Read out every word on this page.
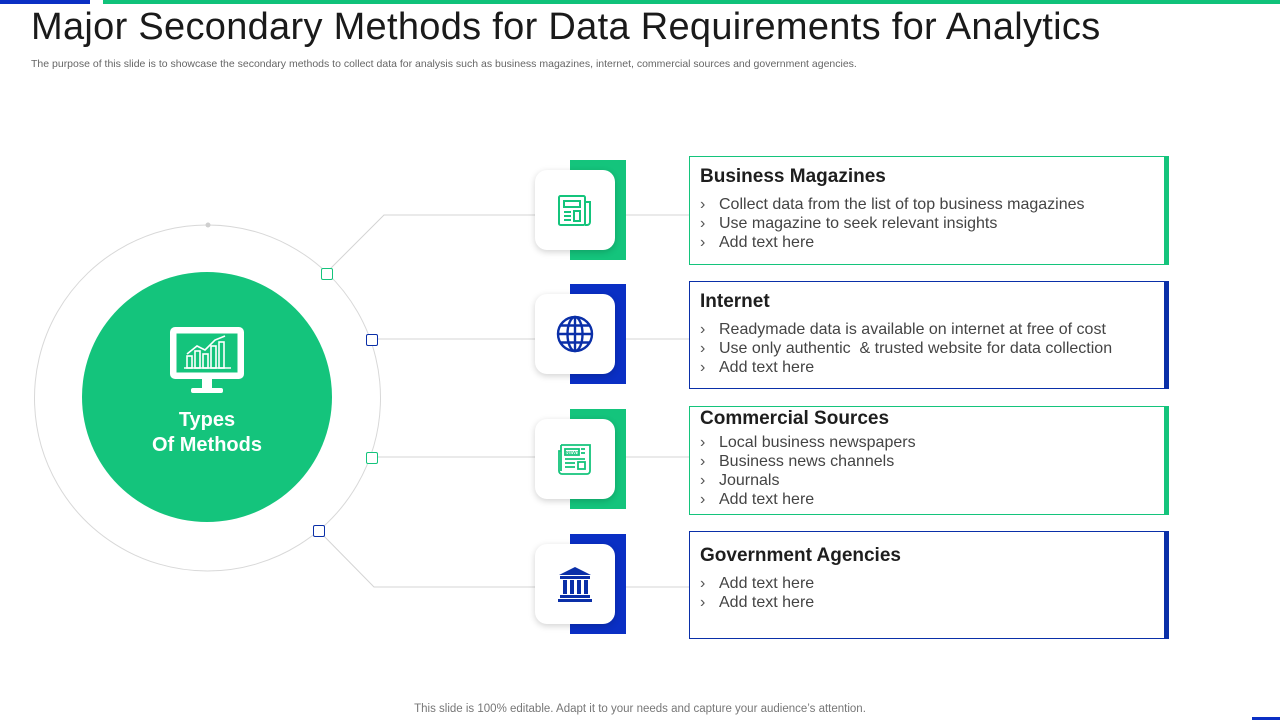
Major Secondary Methods for Data Requirements for Analytics

The purpose of this slide is to showcase the secondary methods to collect data for analysis such as business magazines, internet, commercial sources and government agencies.

Types
Of Methods	NEWS
Business Magazines
› Collect data from the list of top business magazines
› Use magazine to seek relevant insights
› Add text here
Internet
› Readymade data is available on internet at free of cost
› Use only authentic  & trusted website for data collection
› Add text here
Commercial Sources
› Local business newspapers
› Business news channels
› Journals
› Add text here
Government Agencies
› Add text here
› Add text here
This slide is 100% editable. Adapt it to your needs and capture your audience’s attention.
